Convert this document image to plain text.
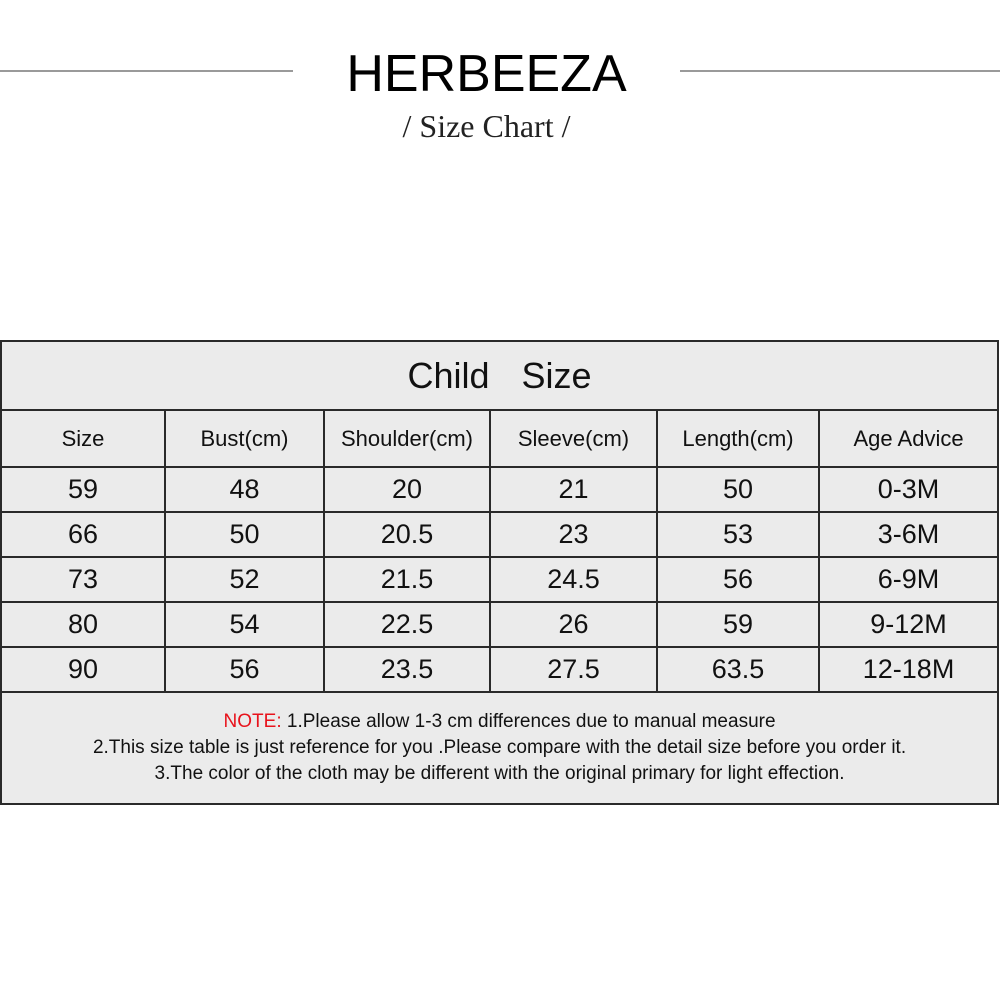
HERBEEZA
/ Size Chart /
Child Size					
Size	Bust(cm)	Shoulder(cm)	Sleeve(cm)	Length(cm)	Age Advice
59	48	20	21	50	0-3M
66	50	20.5	23	53	3-6M
73	52	21.5	24.5	56	6-9M
80	54	22.5	26	59	9-12M
90	56	23.5	27.5	63.5	12-18M

NOTE: 1.Please allow 1-3 cm differences due to manual measure
2.This size table is just reference for you .Please compare with the detail size before you order it.
3.The color of the cloth may be different with the original primary for light effection.					
